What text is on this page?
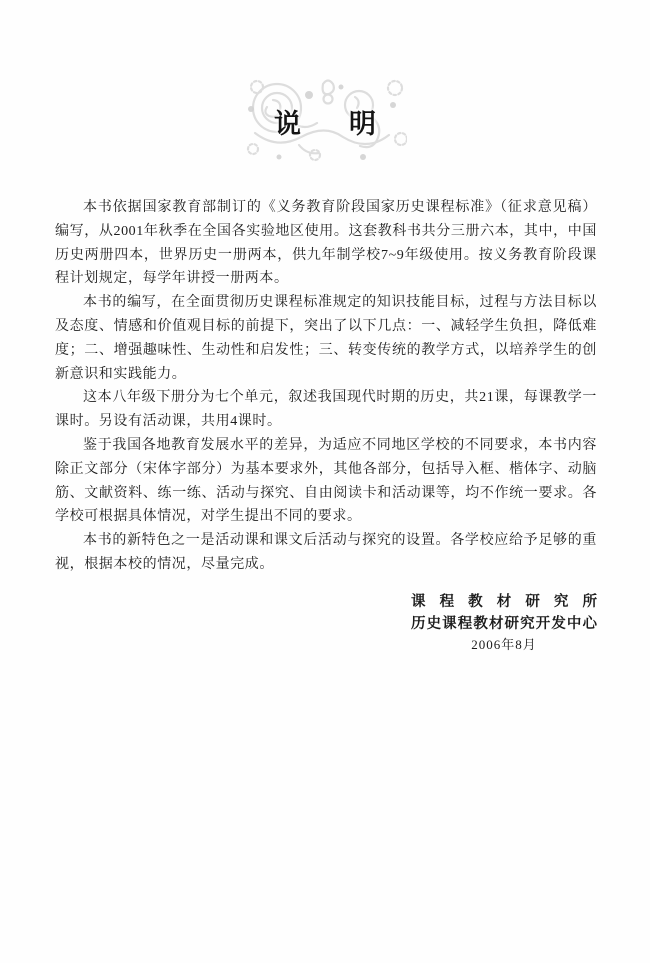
说 明

本书依据国家教育部制订的《义务教育阶段国家历史课程标准》（征求意见稿）编写，从2001年秋季在全国各实验地区使用。这套教科书共分三册六本，其中，中国历史两册四本，世界历史一册两本，供九年制学校7~9年级使用。按义务教育阶段课程计划规定，每学年讲授一册两本。

本书的编写，在全面贯彻历史课程标准规定的知识技能目标，过程与方法目标以及态度、情感和价值观目标的前提下，突出了以下几点：一、减轻学生负担，降低难度；二、增强趣味性、生动性和启发性；三、转变传统的教学方式，以培养学生的创新意识和实践能力。

这本八年级下册分为七个单元，叙述我国现代时期的历史，共21课，每课教学一课时。另设有活动课，共用4课时。

鉴于我国各地教育发展水平的差异，为适应不同地区学校的不同要求，本书内容除正文部分（宋体字部分）为基本要求外，其他各部分，包括导入框、楷体字、动脑筋、文献资料、练一练、活动与探究、自由阅读卡和活动课等，均不作统一要求。各学校可根据具体情况，对学生提出不同的要求。

本书的新特色之一是活动课和课文后活动与探究的设置。各学校应给予足够的重视，根据本校的情况，尽量完成。

课程教材研究所
历史课程教材研究开发中心
2006年8月
